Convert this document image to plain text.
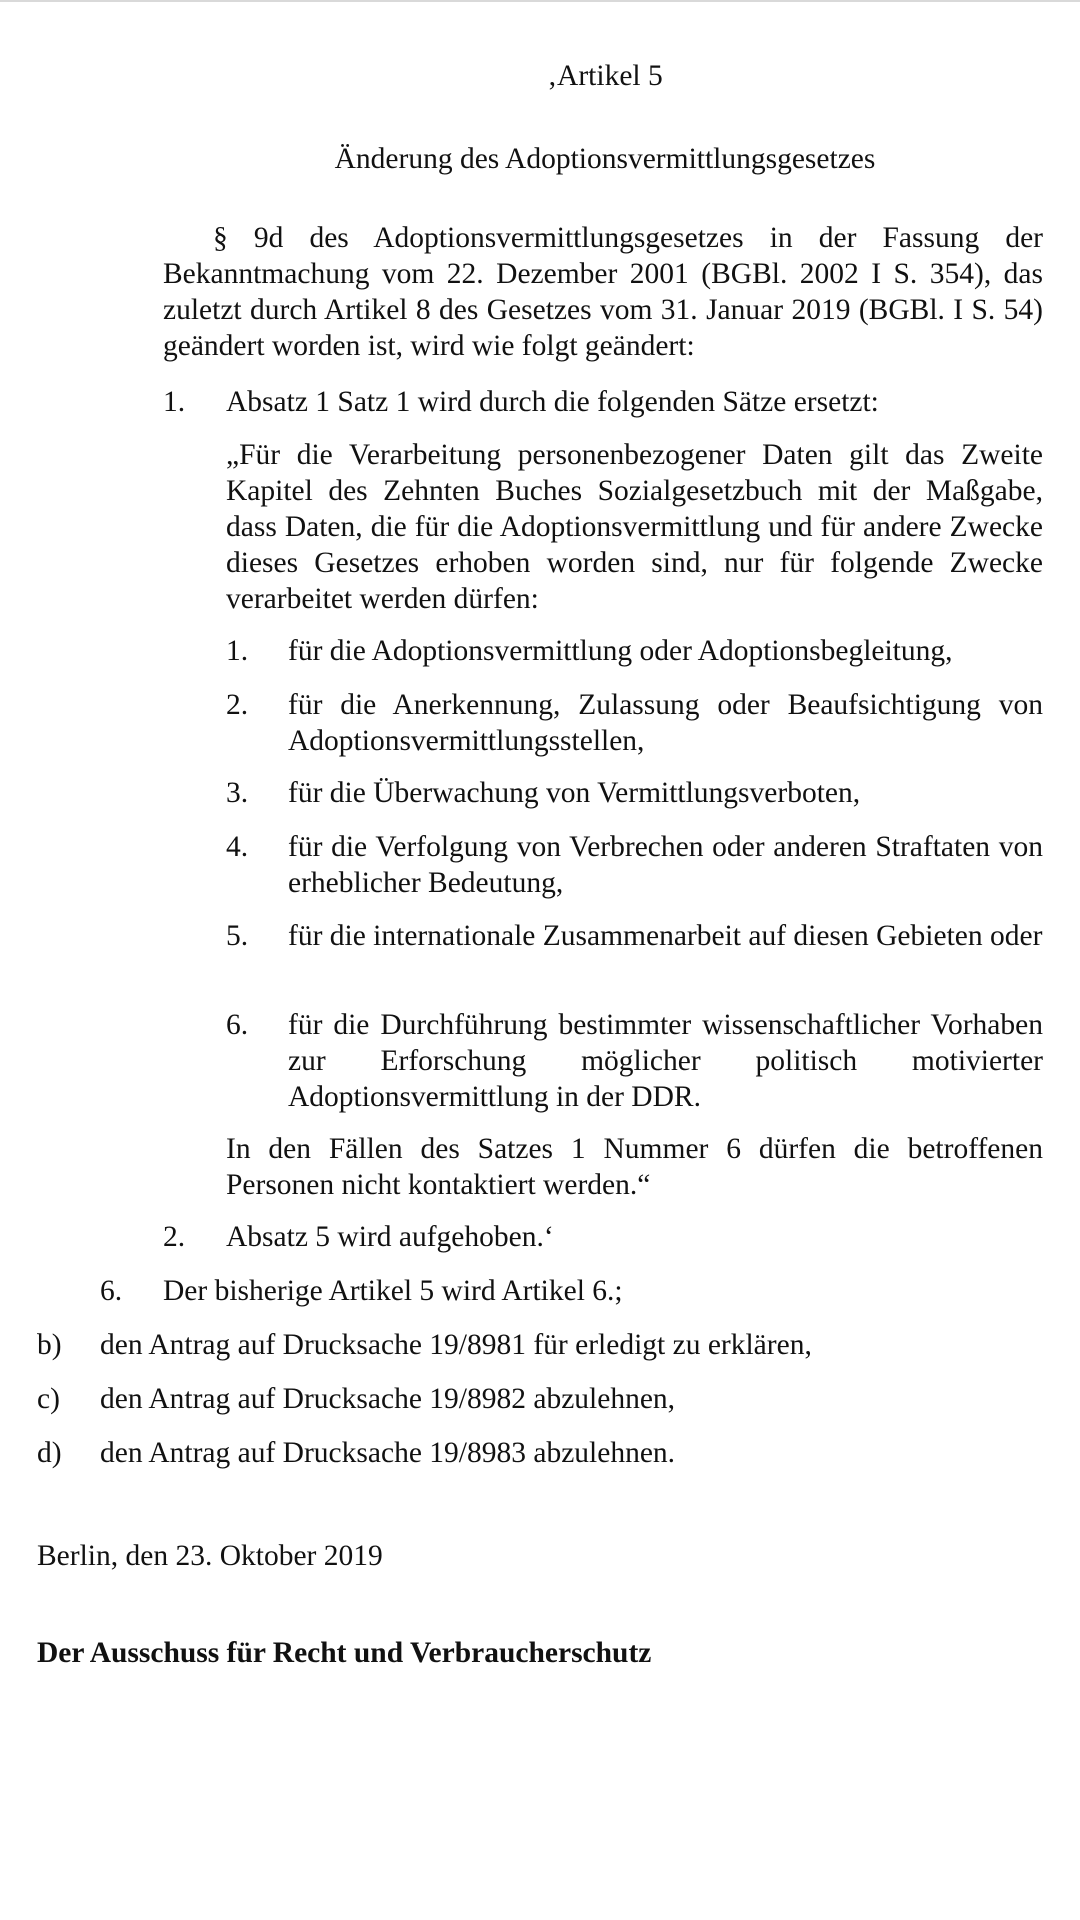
‚Artikel 5
Änderung des Adoptionsvermittlungsgesetzes
§ 9d des Adoptionsvermittlungsgesetzes in der Fassung der Bekanntmachung vom 22. Dezember 2001 (BGBl. 2002 I S. 354), das zuletzt durch Artikel 8 des Gesetzes vom 31. Januar 2019 (BGBl. I S. 54) geändert worden ist, wird wie folgt geändert:
1. Absatz 1 Satz 1 wird durch die folgenden Sätze ersetzt:
„Für die Verarbeitung personenbezogener Daten gilt das Zweite Kapitel des Zehnten Buches Sozialgesetzbuch mit der Maßgabe, dass Daten, die für die Adoptionsvermittlung und für andere Zwecke dieses Gesetzes erhoben worden sind, nur für folgende Zwecke verarbeitet werden dürfen:
1. für die Adoptionsvermittlung oder Adoptionsbegleitung,
2. für die Anerkennung, Zulassung oder Beaufsichtigung von Adoptionsvermittlungsstellen,
3. für die Überwachung von Vermittlungsverboten,
4. für die Verfolgung von Verbrechen oder anderen Straftaten von erheblicher Bedeutung,
5. für die internationale Zusammenarbeit auf diesen Gebieten oder
6. für die Durchführung bestimmter wissenschaftlicher Vorhaben zur Erforschung möglicher politisch motivierter Adoptionsvermittlung in der DDR.
In den Fällen des Satzes 1 Nummer 6 dürfen die betroffenen Personen nicht kontaktiert werden.“
2. Absatz 5 wird aufgehoben.‘
6. Der bisherige Artikel 5 wird Artikel 6.;
b) den Antrag auf Drucksache 19/8981 für erledigt zu erklären,
c) den Antrag auf Drucksache 19/8982 abzulehnen,
d) den Antrag auf Drucksache 19/8983 abzulehnen.
Berlin, den 23. Oktober 2019
Der Ausschuss für Recht und Verbraucherschutz
